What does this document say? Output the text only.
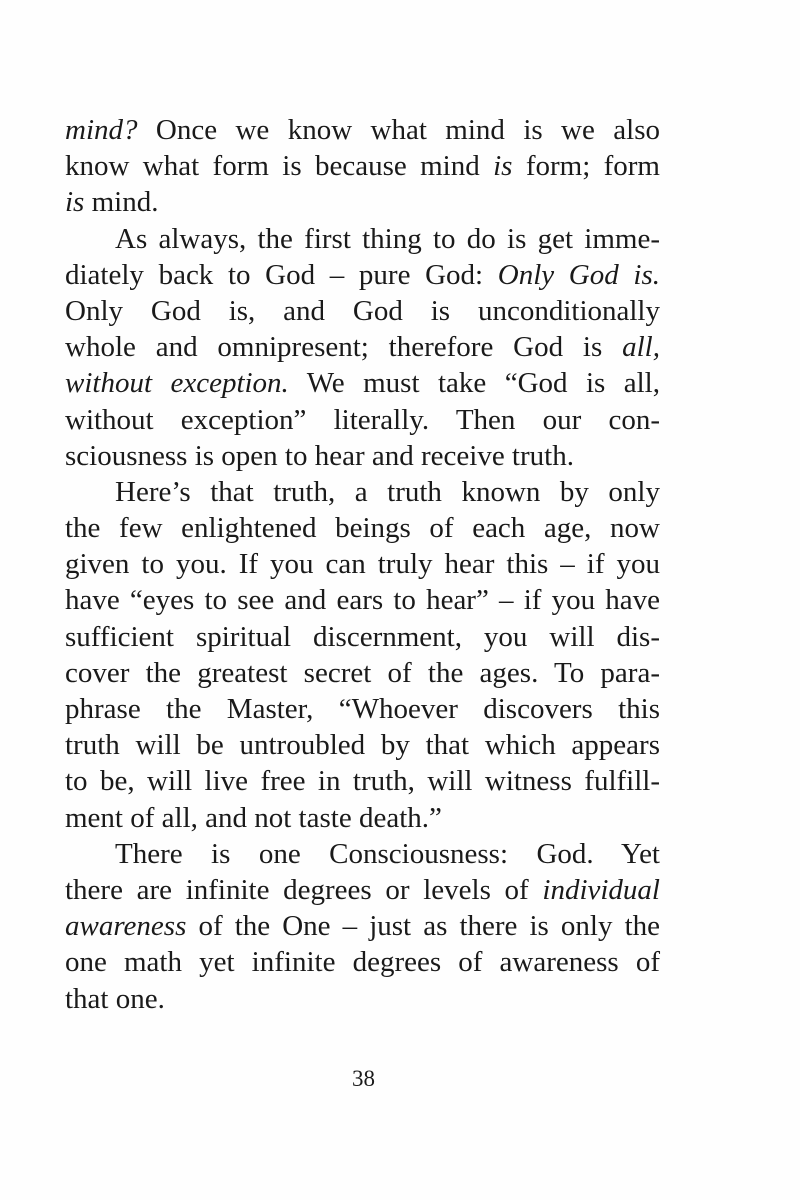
mind? Once we know what mind is we also
know what form is because mind is form; form
is mind.
As always, the first thing to do is get imme-
diately back to God – pure God: Only God is.
Only God is, and God is unconditionally
whole and omnipresent; therefore God is all,
without exception. We must take “God is all,
without exception” literally. Then our con-
sciousness is open to hear and receive truth.
Here’s that truth, a truth known by only
the few enlightened beings of each age, now
given to you. If you can truly hear this – if you
have “eyes to see and ears to hear” – if you have
sufficient spiritual discernment, you will dis-
cover the greatest secret of the ages. To para-
phrase the Master, “Whoever discovers this
truth will be untroubled by that which appears
to be, will live free in truth, will witness fulfill-
ment of all, and not taste death.”
There is one Consciousness: God. Yet
there are infinite degrees or levels of individual
awareness of the One – just as there is only the
one math yet infinite degrees of awareness of
that one.
38
